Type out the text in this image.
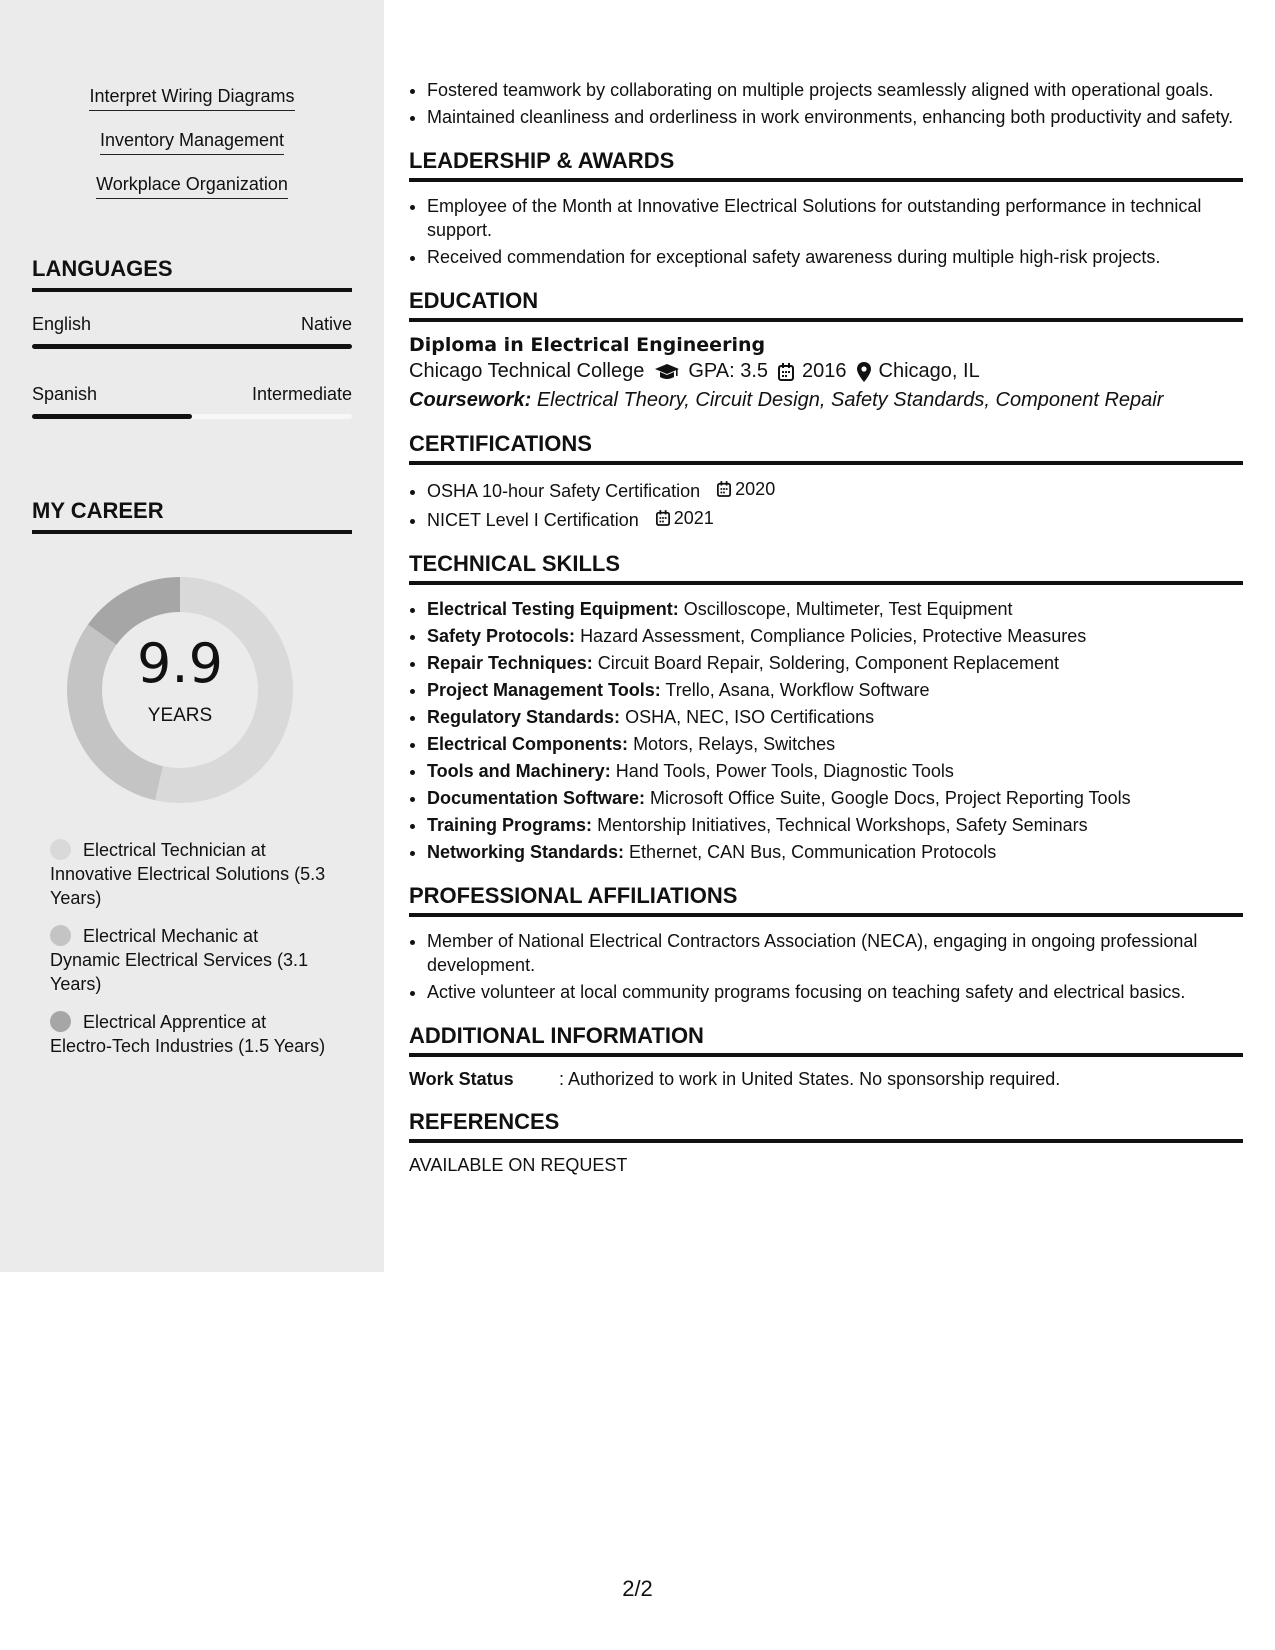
Interpret Wiring Diagrams
Inventory Management
Workplace Organization
LANGUAGES
English	Native
Spanish	Intermediate
MY CAREER
9.9
YEARS
Electrical Technician at Innovative Electrical Solutions (5.3 Years)
Electrical Mechanic at Dynamic Electrical Services (3.1 Years)
Electrical Apprentice at Electro-Tech Industries (1.5 Years)
• Fostered teamwork by collaborating on multiple projects seamlessly aligned with operational goals.
• Maintained cleanliness and orderliness in work environments, enhancing both productivity and safety.
LEADERSHIP & AWARDS
• Employee of the Month at Innovative Electrical Solutions for outstanding performance in technical support.
• Received commendation for exceptional safety awareness during multiple high-risk projects.
EDUCATION
Diploma in Electrical Engineering
Chicago Technical College GPA: 3.5 2016 Chicago, IL
Coursework: Electrical Theory, Circuit Design, Safety Standards, Component Repair
CERTIFICATIONS
• OSHA 10-hour Safety Certification 2020
• NICET Level I Certification 2021
TECHNICAL SKILLS
• Electrical Testing Equipment: Oscilloscope, Multimeter, Test Equipment
• Safety Protocols: Hazard Assessment, Compliance Policies, Protective Measures
• Repair Techniques: Circuit Board Repair, Soldering, Component Replacement
• Project Management Tools: Trello, Asana, Workflow Software
• Regulatory Standards: OSHA, NEC, ISO Certifications
• Electrical Components: Motors, Relays, Switches
• Tools and Machinery: Hand Tools, Power Tools, Diagnostic Tools
• Documentation Software: Microsoft Office Suite, Google Docs, Project Reporting Tools
• Training Programs: Mentorship Initiatives, Technical Workshops, Safety Seminars
• Networking Standards: Ethernet, CAN Bus, Communication Protocols
PROFESSIONAL AFFILIATIONS
• Member of National Electrical Contractors Association (NECA), engaging in ongoing professional development.
• Active volunteer at local community programs focusing on teaching safety and electrical basics.
ADDITIONAL INFORMATION
Work Status	: Authorized to work in United States. No sponsorship required.
REFERENCES
AVAILABLE ON REQUEST
2/2
